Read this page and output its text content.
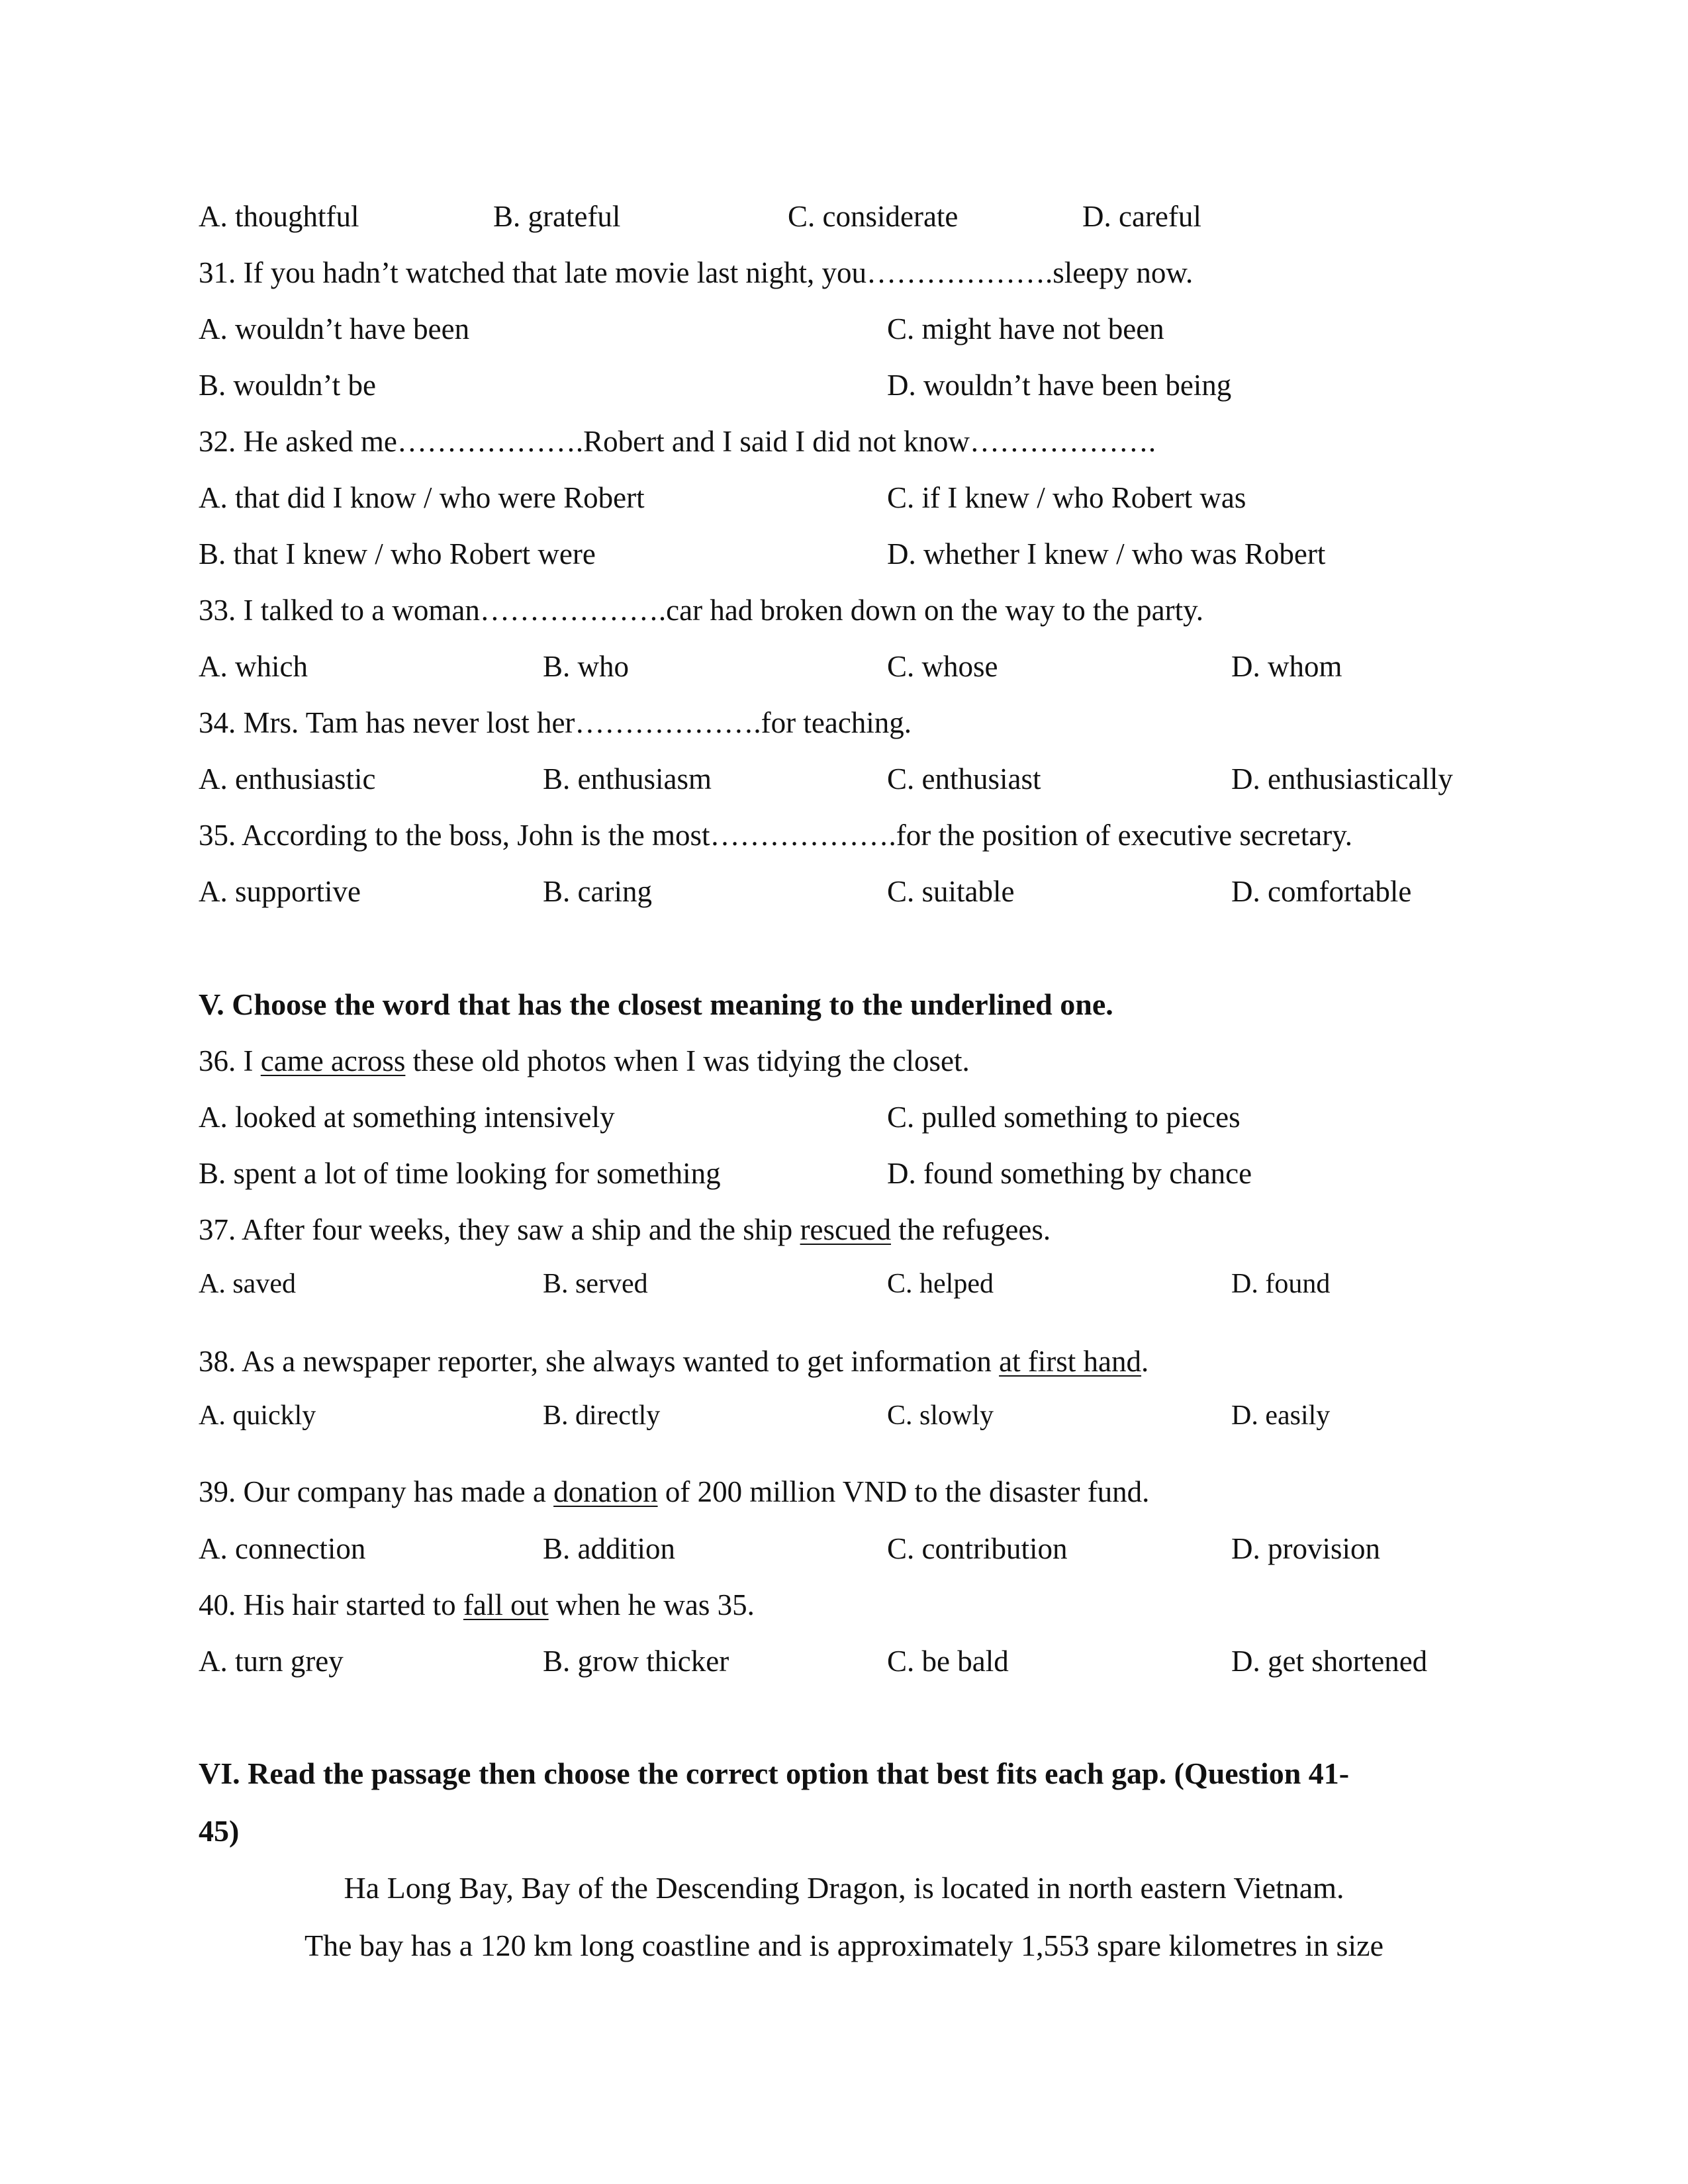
A. thoughtful	B. grateful	C. considerate	D. careful
31. If you hadn’t watched that late movie last night, you……………….sleepy now.
A. wouldn’t have been	C. might have not been
B. wouldn’t be	D. wouldn’t have been being
32. He asked me……………….Robert and I said I did not know……………….
A. that did I know / who were Robert	C. if I knew / who Robert was
B. that I knew / who Robert were	D. whether I knew / who was Robert
33. I talked to a woman……………….car had broken down on the way to the party.
A. which	B. who	C. whose	D. whom
34. Mrs. Tam has never lost her……………….for teaching.
A. enthusiastic	B. enthusiasm	C. enthusiast	D. enthusiastically
35. According to the boss, John is the most……………….for the position of executive secretary.
A. supportive	B. caring	C. suitable	D. comfortable
V. Choose the word that has the closest meaning to the underlined one.
36. I came across these old photos when I was tidying the closet.
A. looked at something intensively	C. pulled something to pieces
B. spent a lot of time looking for something	D. found something by chance
37. After four weeks, they saw a ship and the ship rescued the refugees.
A. saved	B. served	C. helped	D. found
38. As a newspaper reporter, she always wanted to get information at first hand.
A. quickly	B. directly	C. slowly	D. easily
39. Our company has made a donation of 200 million VND to the disaster fund.
A. connection	B. addition	C. contribution	D. provision
40. His hair started to fall out when he was 35.
A. turn grey	B. grow thicker	C. be bald	D. get shortened
VI. Read the passage then choose the correct option that best fits each gap. (Question 41-
45)
Ha Long Bay, Bay of the Descending Dragon, is located in north eastern Vietnam.
The bay has a 120 km long coastline and is approximately 1,553 spare kilometres in size
